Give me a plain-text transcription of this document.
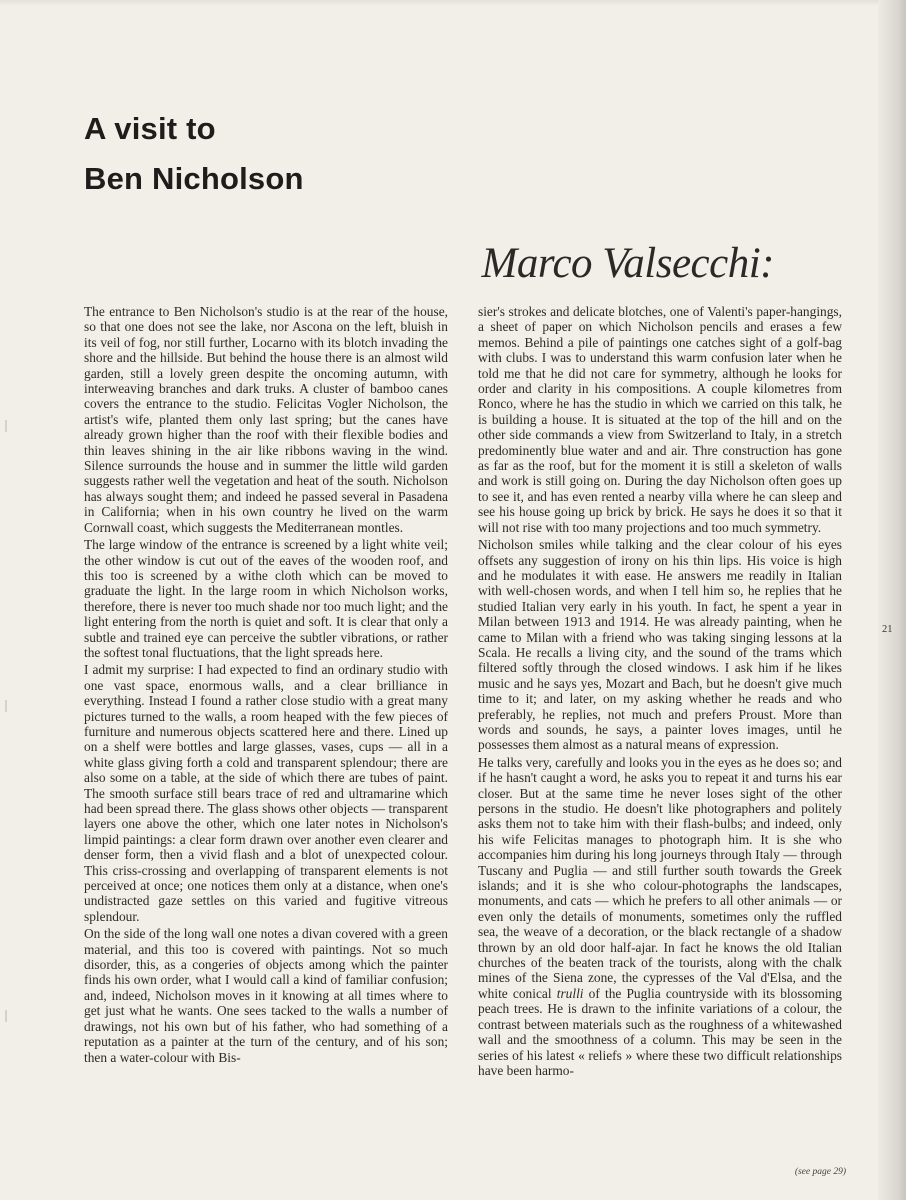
A visit to
Ben Nicholson
Marco Valsecchi:

The entrance to Ben Nicholson's studio is at the rear of the house, so that one does not see the lake, nor Ascona on the left, bluish in its veil of fog, nor still further, Locarno with its blotch invading the shore and the hillside. But behind the house there is an almost wild garden, still a lovely green despite the oncoming autumn, with interweaving branches and dark truks. A cluster of bamboo canes covers the entrance to the studio. Felicitas Vogler Nicholson, the artist's wife, planted them only last spring; but the canes have already grown higher than the roof with their flexible bodies and thin leaves shining in the air like ribbons waving in the wind. Silence surrounds the house and in summer the little wild garden suggests rather well the vegetation and heat of the south. Nicholson has always sought them; and indeed he passed several in Pasadena in California; when in his own country he lived on the warm Cornwall coast, which suggests the Mediterranean montles.

The large window of the entrance is screened by a light white veil; the other window is cut out of the eaves of the wooden roof, and this too is screened by a withe cloth which can be moved to graduate the light. In the large room in which Nicholson works, therefore, there is never too much shade nor too much light; and the light entering from the north is quiet and soft. It is clear that only a subtle and trained eye can perceive the subtler vibrations, or rather the softest tonal fluctuations, that the light spreads here.

I admit my surprise: I had expected to find an ordinary studio with one vast space, enormous walls, and a clear brilliance in everything. Instead I found a rather close studio with a great many pictures turned to the walls, a room heaped with the few pieces of furniture and numerous objects scattered here and there. Lined up on a shelf were bottles and large glasses, vases, cups — all in a white glass giving forth a cold and transparent splendour; there are also some on a table, at the side of which there are tubes of paint. The smooth surface still bears trace of red and ultramarine which had been spread there. The glass shows other objects — transparent layers one above the other, which one later notes in Nicholson's limpid paintings: a clear form drawn over another even clearer and denser form, then a vivid flash and a blot of unexpected colour. This criss-crossing and overlapping of transparent elements is not perceived at once; one notices them only at a distance, when one's undistracted gaze settles on this varied and fugitive vitreous splendour.

On the side of the long wall one notes a divan covered with a green material, and this too is covered with paintings. Not so much disorder, this, as a congeries of objects among which the painter finds his own order, what I would call a kind of familiar confusion; and, indeed, Nicholson moves in it knowing at all times where to get just what he wants. One sees tacked to the walls a number of drawings, not his own but of his father, who had something of a reputation as a painter at the turn of the century, and of his son; then a water-colour with Bis-

sier's strokes and delicate blotches, one of Valenti's paper-hangings, a sheet of paper on which Nicholson pencils and erases a few memos. Behind a pile of paintings one catches sight of a golf-bag with clubs. I was to understand this warm confusion later when he told me that he did not care for symmetry, although he looks for order and clarity in his compositions. A couple kilometres from Ronco, where he has the studio in which we carried on this talk, he is building a house. It is situated at the top of the hill and on the other side commands a view from Switzerland to Italy, in a stretch predominently blue water and and air. Thre construction has gone as far as the roof, but for the moment it is still a skeleton of walls and work is still going on. During the day Nicholson often goes up to see it, and has even rented a nearby villa where he can sleep and see his house going up brick by brick. He says he does it so that it will not rise with too many projections and too much symmetry.

Nicholson smiles while talking and the clear colour of his eyes offsets any suggestion of irony on his thin lips. His voice is high and he modulates it with ease. He answers me readily in Italian with well-chosen words, and when I tell him so, he replies that he studied Italian very early in his youth. In fact, he spent a year in Milan between 1913 and 1914. He was already painting, when he came to Milan with a friend who was taking singing lessons at la Scala. He recalls a living city, and the sound of the trams which filtered softly through the closed windows. I ask him if he likes music and he says yes, Mozart and Bach, but he doesn't give much time to it; and later, on my asking whether he reads and who preferably, he replies, not much and prefers Proust. More than words and sounds, he says, a painter loves images, until he possesses them almost as a natural means of expression.

He talks very, carefully and looks you in the eyes as he does so; and if he hasn't caught a word, he asks you to repeat it and turns his ear closer. But at the same time he never loses sight of the other persons in the studio. He doesn't like photographers and politely asks them not to take him with their flash-bulbs; and indeed, only his wife Felicitas manages to photograph him. It is she who accompanies him during his long journeys through Italy — through Tuscany and Puglia — and still further south towards the Greek islands; and it is she who colour-photographs the landscapes, monuments, and cats — which he prefers to all other animals — or even only the details of monuments, sometimes only the ruffled sea, the weave of a decoration, or the black rectangle of a shadow thrown by an old door half-ajar. In fact he knows the old Italian churches of the beaten track of the tourists, along with the chalk mines of the Siena zone, the cypresses of the Val d'Elsa, and the white conical trulli of the Puglia countryside with its blossoming peach trees. He is drawn to the infinite variations of a colour, the contrast between materials such as the roughness of a whitewashed wall and the smoothness of a column. This may be seen in the series of his latest « reliefs » where these two difficult relationships have been harmo-

21
(see page 29)
